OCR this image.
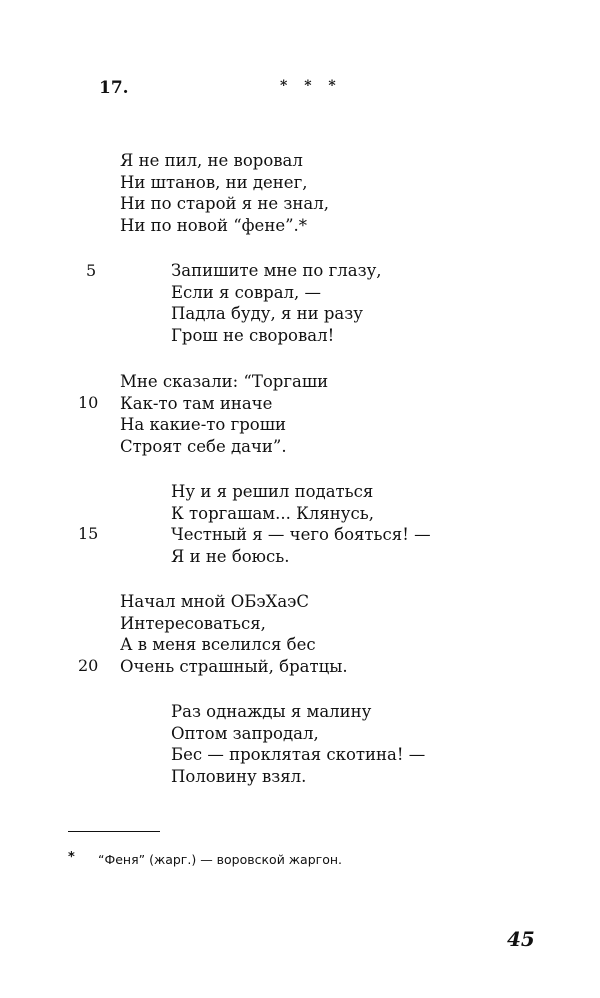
17.	* * *
Я не пил, не воровал
Ни штанов, ни денег,
Ни по старой я не знал,
Ни по новой “фене”.*
5	Запишите мне по глазу,
Если я соврал, —
Падла буду, я ни разу
Грош не своровал!
10
Мне сказали: “Торгаши
Как-то там иначе
На какие-то гроши
Строят себе дачи”.
15
Ну и я решил податься
К торгашам... Клянусь,
Честный я — чего бояться! —
Я и не боюсь.
20
Начал мной ОБэХаэС
Интересоваться,
А в меня вселился бес
Очень страшный, братцы.
Раз однажды я малину
Оптом запродал,
Бес — проклятая скотина! —
Половину взял.
* “Феня” (жарг.) — воровской жаргон.
45
